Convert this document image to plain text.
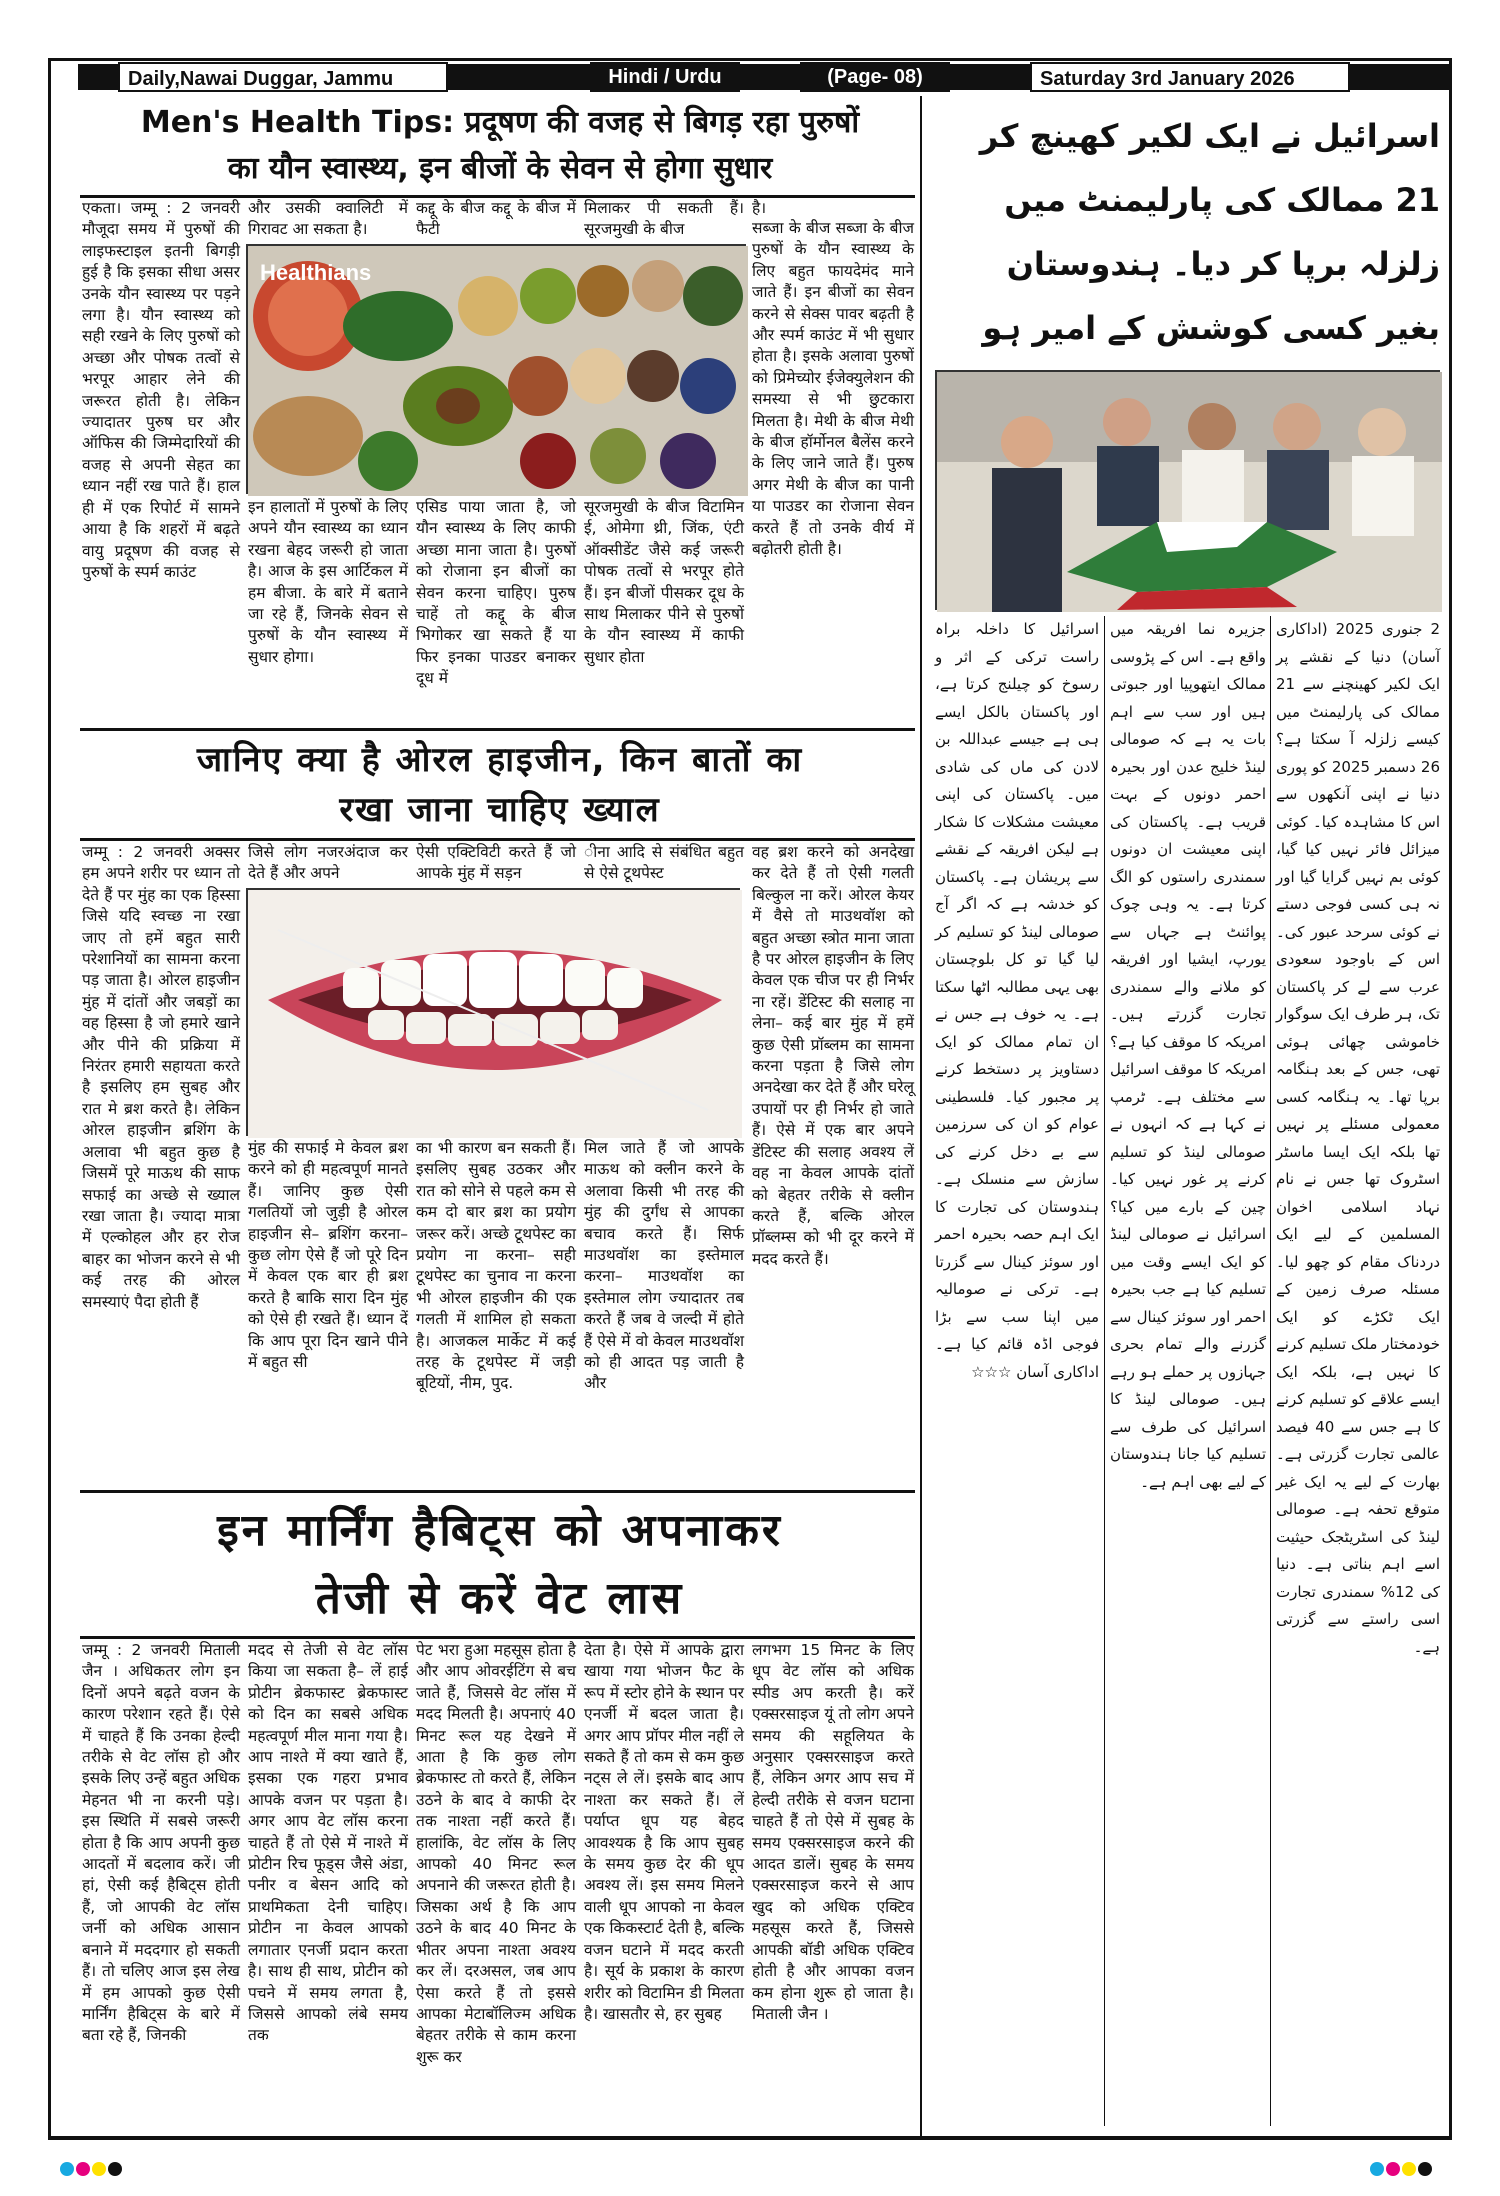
Daily,Nawai Duggar, Jammu	Hindi / Urdu	(Page- 08)	Saturday 3rd January 2026
Men's Health Tips: प्रदूषण की वजह से बिगड़ रहा पुरुषों
का यौन स्वास्थ्य, इन बीजों के सेवन से होगा सुधार
एकता। जम्मू : 2 जनवरी मौजूदा समय में पुरुषों की लाइफस्टाइल इतनी बिगड़ी हुई है कि इसका सीधा असर उनके यौन स्वास्थ्य पर पड़ने लगा है। यौन स्वास्थ्य को सही रखने के लिए पुरुषों को अच्छा और पोषक तत्वों से भरपूर आहार लेने की जरूरत होती है। लेकिन ज्यादातर पुरुष घर और ऑफिस की जिम्मेदारियों की वजह से अपनी सेहत का ध्यान नहीं रख पाते हैं। हाल ही में एक रिपोर्ट में सामने आया है कि शहरों में बढ़ते वायु प्रदूषण की वजह से पुरुषों के स्पर्म काउंट
और उसकी क्वालिटी में गिरावट आ सकता है।
कद्दू के बीज कद्दू के बीज में फैटी
मिलाकर पी सकती हैं। सूरजमुखी के बीज
है।
Healthians
इन हालातों में पुरुषों के लिए अपने यौन स्वास्थ्य का ध्यान रखना बेहद जरूरी हो जाता है। आज के इस आर्टिकल में हम बीजा. के बारे में बताने जा रहे हैं, जिनके सेवन से पुरुषों के यौन स्वास्थ्य में सुधार होगा।
एसिड पाया जाता है, जो यौन स्वास्थ्य के लिए काफी अच्छा माना जाता है। पुरुषों को रोजाना इन बीजों का सेवन करना चाहिए। पुरुष चाहें तो कद्दू के बीज भिगोकर खा सकते हैं या फिर इनका पाउडर बनाकर दूध में
सूरजमुखी के बीज विटामिन ई, ओमेगा थ्री, जिंक, एंटी ऑक्सीडेंट जैसे कई जरूरी पोषक तत्वों से भरपूर होते हैं। इन बीजों पीसकर दूध के साथ मिलाकर पीने से पुरुषों के यौन स्वास्थ्य में काफी सुधार होता
सब्जा के बीज सब्जा के बीज पुरुषों के यौन स्वास्थ्य के लिए बहुत फायदेमंद माने जाते हैं। इन बीजों का सेवन करने से सेक्स पावर बढ़ती है और स्पर्म काउंट में भी सुधार होता है। इसके अलावा पुरुषों को प्रिमेच्योर ईजेक्युलेशन की समस्या से भी छुटकारा मिलता है। मेथी के बीज मेथी के बीज हॉर्मोनल बैलेंस करने के लिए जाने जाते हैं। पुरुष अगर मेथी के बीज का पानी या पाउडर का रोजाना सेवन करते हैं तो उनके वीर्य में बढ़ोतरी होती है।
जानिए क्या है ओरल हाइजीन, किन बातों का
रखा जाना चाहिए ख्याल
जम्मू : 2 जनवरी अक्सर हम अपने शरीर पर ध्यान तो देते हैं पर मुंह का एक हिस्सा जिसे यदि स्वच्छ ना रखा जाए तो हमें बहुत सारी परेशानियों का सामना करना पड़ जाता है। ओरल हाइजीन मुंह में दांतों और जबड़ों का वह हिस्सा है जो हमारे खाने और पीने की प्रक्रिया में निरंतर हमारी सहायता करते है इसलिए हम सुबह और रात मे ब्रश करते है। लेकिन ओरल हाइजीन ब्रशिंग के अलावा भी बहुत कुछ है जिसमें पूरे माऊथ की साफ सफाई का अच्छे से ख्याल रखा जाता है। ज्यादा मात्रा में एल्कोहल और हर रोज बाहर का भोजन करने से भी कई तरह की ओरल समस्याएं पैदा होती हैं
जिसे लोग नजरअंदाज कर देते हैं और अपने
ऐसी एक्टिविटी करते हैं जो आपके मुंह में सड़न
ीना आदि से संबंधित बहुत से ऐसे टूथपेस्ट
मुंह की सफाई मे केवल ब्रश करने को ही महत्वपूर्ण मानते हैं। जानिए कुछ ऐसी गलतियों जो जुड़ी है ओरल हाइजीन से– ब्रशिंग करना– कुछ लोग ऐसे हैं जो पूरे दिन में केवल एक बार ही ब्रश करते है बाकि सारा दिन मुंह को ऐसे ही रखते हैं। ध्यान दें कि आप पूरा दिन खाने पीने में बहुत सी
का भी कारण बन सकती हैं। इसलिए सुबह उठकर और रात को सोने से पहले कम से कम दो बार ब्रश का प्रयोग जरूर करें। अच्छे टूथपेस्ट का प्रयोग ना करना– सही टूथपेस्ट का चुनाव ना करना भी ओरल हाइजीन की एक गलती में शामिल हो सकता है। आजकल मार्केट में कई तरह के टूथपेस्ट में जड़ी बूटियों, नीम, पुद.
मिल जाते हैं जो आपके माऊथ को क्लीन करने के अलावा किसी भी तरह की मुंह की दुर्गंध से आपका बचाव करते हैं। सिर्फ माउथवॉश का इस्तेमाल करना– माउथवॉश का इस्तेमाल लोग ज्यादातर तब करते हैं जब वे जल्दी में होते हैं ऐसे में वो केवल माउथवॉश को ही आदत पड़ जाती है और
वह ब्रश करने को अनदेखा कर देते हैं तो ऐसी गलती बिल्कुल ना करें। ओरल केयर में वैसे तो माउथवॉश को बहुत अच्छा स्त्रोत माना जाता है पर ओरल हाइजीन के लिए केवल एक चीज पर ही निर्भर ना रहें। डेंटिस्ट की सलाह ना लेना– कई बार मुंह में हमें कुछ ऐसी प्रॉब्लम का सामना करना पड़ता है जिसे लोग अनदेखा कर देते हैं और घरेलू उपायों पर ही निर्भर हो जाते हैं। ऐसे में एक बार अपने डेंटिस्ट की सलाह अवश्य लें वह ना केवल आपके दांतों को बेहतर तरीके से क्लीन करते हैं, बल्कि ओरल प्रॉब्लम्स को भी दूर करने में मदद करते हैं।
इन मार्निंग हैबिट्स को अपनाकर
तेजी से करें वेट लास
जम्मू : 2 जनवरी मिताली जैन । अधिकतर लोग इन दिनों अपने बढ़ते वजन के कारण परेशान रहते हैं। ऐसे में चाहते हैं कि उनका हेल्दी तरीके से वेट लॉस हो और इसके लिए उन्हें बहुत अधिक मेहनत भी ना करनी पड़े। इस स्थिति में सबसे जरूरी होता है कि आप अपनी कुछ आदतों में बदलाव करें। जी हां, ऐसी कई हैबिट्स होती हैं, जो आपकी वेट लॉस जर्नी को अधिक आसान बनाने में मददगार हो सकती हैं। तो चलिए आज इस लेख में हम आपको कुछ ऐसी मार्निंग हैबिट्स के बारे में बता रहे हैं, जिनकी
मदद से तेजी से वेट लॉस किया जा सकता है– लें हाई प्रोटीन ब्रेकफास्ट ब्रेकफास्ट को दिन का सबसे अधिक महत्वपूर्ण मील माना गया है। आप नाश्ते में क्या खाते हैं, इसका एक गहरा प्रभाव आपके वजन पर पड़ता है। अगर आप वेट लॉस करना चाहते हैं तो ऐसे में नाश्ते में प्रोटीन रिच फूड्स जैसे अंडा, पनीर व बेसन आदि को प्राथमिकता देनी चाहिए। प्रोटीन ना केवल आपको लगातार एनर्जी प्रदान करता है। साथ ही साथ, प्रोटीन को पचने में समय लगता है, जिससे आपको लंबे समय तक
पेट भरा हुआ महसूस होता है और आप ओवरईटिंग से बच जाते हैं, जिससे वेट लॉस में मदद मिलती है। अपनाएं 40 मिनट रूल यह देखने में आता है कि कुछ लोग ब्रेकफास्ट तो करते हैं, लेकिन उठने के बाद वे काफी देर तक नाश्ता नहीं करते हैं। हालांकि, वेट लॉस के लिए आपको 40 मिनट रूल अपनाने की जरूरत होती है। जिसका अर्थ है कि आप उठने के बाद 40 मिनट के भीतर अपना नाश्ता अवश्य कर लें। दरअसल, जब आप ऐसा करते हैं तो इससे आपका मेटाबॉलिज्म अधिक बेहतर तरीके से काम करना शुरू कर
देता है। ऐसे में आपके द्वारा खाया गया भोजन फैट के रूप में स्टोर होने के स्थान पर एनर्जी में बदल जाता है। अगर आप प्रॉपर मील नहीं ले सकते हैं तो कम से कम कुछ नट्स ले लें। इसके बाद आप नाश्ता कर सकते हैं। लें पर्याप्त धूप यह बेहद आवश्यक है कि आप सुबह के समय कुछ देर की धूप अवश्य लें। इस समय मिलने वाली धूप आपको ना केवल एक किकस्टार्ट देती है, बल्कि वजन घटाने में मदद करती है। सूर्य के प्रकाश के कारण शरीर को विटामिन डी मिलता है। खासतौर से, हर सुबह
लगभग 15 मिनट के लिए धूप वेट लॉस को अधिक स्पीड अप करती है। करें एक्सरसाइज यूं तो लोग अपने समय की सहूलियत के अनुसार एक्सरसाइज करते हैं, लेकिन अगर आप सच में हेल्दी तरीके से वजन घटाना चाहते हैं तो ऐसे में सुबह के समय एक्सरसाइज करने की आदत डालें। सुबह के समय एक्सरसाइज करने से आप खुद को अधिक एक्टिव महसूस करते हैं, जिससे आपकी बॉडी अधिक एक्टिव होती है और आपका वजन कम होना शुरू हो जाता है। मिताली जैन ।
اسرائیل نے ایک لکیر کھینچ کر 21 ممالک کی پارلیمنٹ میں زلزلہ برپا کر دیا۔ ہندوستان بغیر کسی کوشش کے امیر ہو
2 جنوری 2025 (اداکاری آسان) دنیا کے نقشے پر ایک لکیر کھینچنے سے 21 ممالک کی پارلیمنٹ میں کیسے زلزلہ آ سکتا ہے؟ 26 دسمبر 2025 کو پوری دنیا نے اپنی آنکھوں سے اس کا مشاہدہ کیا۔ کوئی میزائل فائر نہیں کیا گیا، کوئی بم نہیں گرایا گیا اور نہ ہی کسی فوجی دستے نے کوئی سرحد عبور کی۔ اس کے باوجود سعودی عرب سے لے کر پاکستان تک، ہر طرف ایک سوگوار خاموشی چھائی ہوئی تھی، جس کے بعد ہنگامہ برپا تھا۔ یہ ہنگامہ کسی معمولی مسئلے پر نہیں تھا بلکہ ایک ایسا ماسٹر اسٹروک تھا جس نے نام نہاد اسلامی اخوان المسلمین کے لیے ایک دردناک مقام کو چھو لیا۔ مسئلہ صرف زمین کے ایک ٹکڑے کو ایک خودمختار ملک تسلیم کرنے کا نہیں ہے، بلکہ ایک ایسے علاقے کو تسلیم کرنے کا ہے جس سے 40 فیصد عالمی تجارت گزرتی ہے۔ بھارت کے لیے یہ ایک غیر متوقع تحفہ ہے۔ صومالی لینڈ کی اسٹریٹجک حیثیت اسے اہم بناتی ہے۔ دنیا کی 12% سمندری تجارت اسی راستے سے گزرتی ہے۔
جزیرہ نما افریقہ میں واقع ہے۔ اس کے پڑوسی ممالک ایتھوپیا اور جبوتی ہیں اور سب سے اہم بات یہ ہے کہ صومالی لینڈ خلیج عدن اور بحیرہ احمر دونوں کے بہت قریب ہے۔ پاکستان کی اپنی معیشت ان دونوں سمندری راستوں کو الگ کرتا ہے۔ یہ وہی چوک پوائنٹ ہے جہاں سے یورپ، ایشیا اور افریقہ کو ملانے والے سمندری تجارت گزرتے ہیں۔ امریکہ کا موقف کیا ہے؟ امریکہ کا موقف اسرائیل سے مختلف ہے۔ ٹرمپ نے کہا ہے کہ انہوں نے صومالی لینڈ کو تسلیم کرنے پر غور نہیں کیا۔ چین کے بارے میں کیا؟ اسرائیل نے صومالی لینڈ کو ایک ایسے وقت میں تسلیم کیا ہے جب بحیرہ احمر اور سوئز کینال سے گزرنے والے تمام بحری جہازوں پر حملے ہو رہے ہیں۔ صومالی لینڈ کا اسرائیل کی طرف سے تسلیم کیا جانا ہندوستان کے لیے بھی اہم ہے۔
اسرائیل کا داخلہ براہ راست ترکی کے اثر و رسوخ کو چیلنج کرتا ہے، اور پاکستان بالکل ایسے ہی ہے جیسے عبداللہ بن لادن کی ماں کی شادی میں۔ پاکستان کی اپنی معیشت مشکلات کا شکار ہے لیکن افریقہ کے نقشے سے پریشان ہے۔ پاکستان کو خدشہ ہے کہ اگر آج صومالی لینڈ کو تسلیم کر لیا گیا تو کل بلوچستان بھی یہی مطالبہ اٹھا سکتا ہے۔ یہ خوف ہے جس نے ان تمام ممالک کو ایک دستاویز پر دستخط کرنے پر مجبور کیا۔ فلسطینی عوام کو ان کی سرزمین سے بے دخل کرنے کی سازش سے منسلک ہے۔ ہندوستان کی تجارت کا ایک اہم حصہ بحیرہ احمر اور سوئز کینال سے گزرتا ہے۔ ترکی نے صومالیہ میں اپنا سب سے بڑا فوجی اڈہ قائم کیا ہے۔ اداکاری آسان ☆☆☆
